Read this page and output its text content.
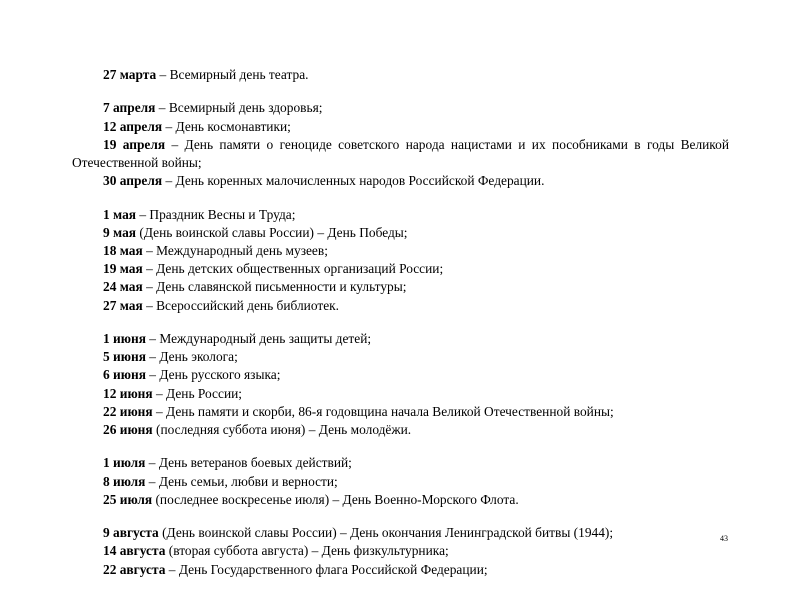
27 марта – Всемирный день театра.

7 апреля – Всемирный день здоровья;

12 апреля – День космонавтики;

19 апреля – День памяти о геноциде советского народа нацистами и их пособниками в годы Великой Отечественной войны;

30 апреля – День коренных малочисленных народов Российской Федерации.

1 мая – Праздник Весны и Труда;

9 мая (День воинской славы России) – День Победы;

18 мая – Международный день музеев;

19 мая – День детских общественных организаций России;

24 мая – День славянской письменности и культуры;

27 мая – Всероссийский день библиотек.

1 июня – Международный день защиты детей;

5 июня – День эколога;

6 июня – День русского языка;

12 июня – День России;

22 июня – День памяти и скорби, 86-я годовщина начала Великой Отечественной войны;

26 июня (последняя суббота июня) – День молодёжи.

1 июля – День ветеранов боевых действий;

8 июля – День семьи, любви и верности;

25 июля (последнее воскресенье июля) – День Военно-Морского Флота.

9 августа (День воинской славы России) – День окончания Ленинградской битвы (1944);

14 августа (вторая суббота августа) – День физкультурника;

22 августа – День Государственного флага Российской Федерации;

43
